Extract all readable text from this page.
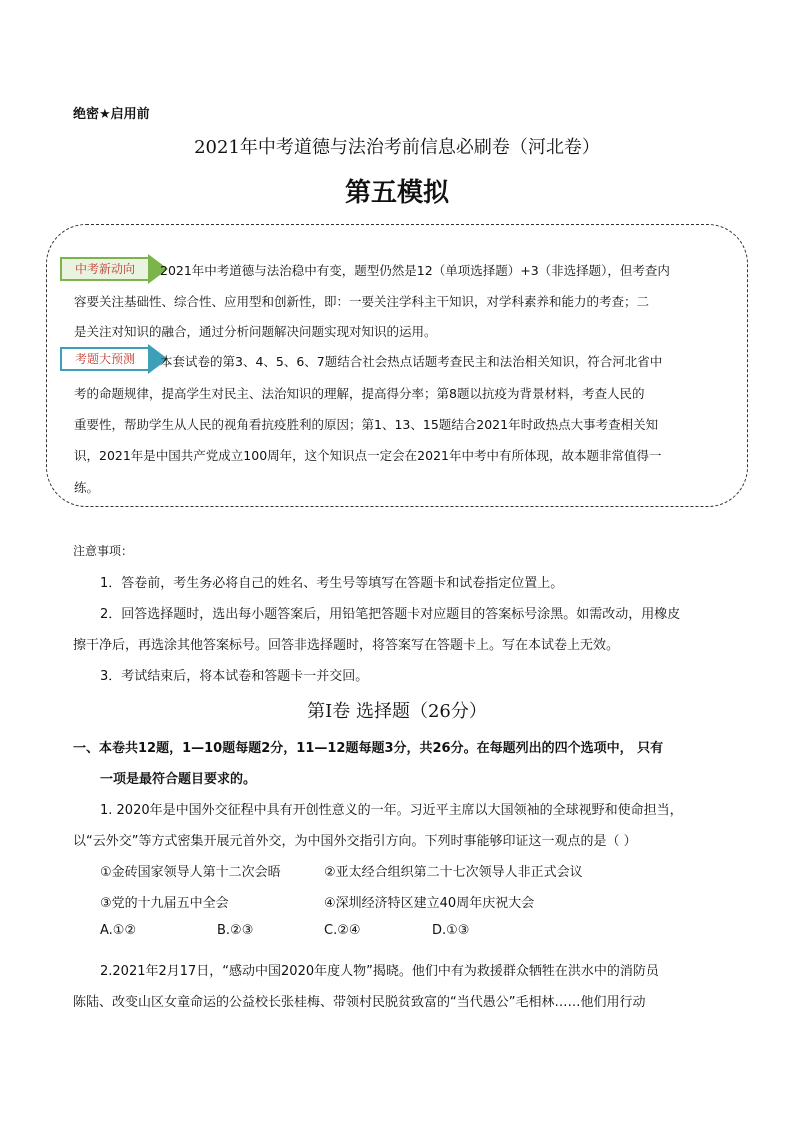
绝密★启用前
2021年中考道德与法治考前信息必刷卷（河北卷）
第五模拟
中考新动向
考题大预测
2021年中考道德与法治稳中有变，题型仍然是12（单项选择题）+3（非选择题），但考查内
容要关注基础性、综合性、应用型和创新性，即：一要关注学科主干知识，对学科素养和能力的考查；二
是关注对知识的融合，通过分析问题解决问题实现对知识的运用。
本套试卷的第3、4、5、6、7题结合社会热点话题考查民主和法治相关知识，符合河北省中
考的命题规律，提高学生对民主、法治知识的理解，提高得分率；第8题以抗疫为背景材料，考查人民的
重要性，帮助学生从人民的视角看抗疫胜利的原因；第1、13、15题结合2021年时政热点大事考查相关知
识，2021年是中国共产党成立100周年，这个知识点一定会在2021年中考中有所体现，故本题非常值得一
练。
注意事项：
1．答卷前，考生务必将自己的姓名、考生号等填写在答题卡和试卷指定位置上。
2．回答选择题时，选出每小题答案后，用铅笔把答题卡对应题目的答案标号涂黑。如需改动，用橡皮
擦干净后，再选涂其他答案标号。回答非选择题时，将答案写在答题卡上。写在本试卷上无效。
3．考试结束后，将本试卷和答题卡一并交回。
第Ⅰ卷 选择题（26分）
一、本卷共12题，1—10题每题2分，11—12题每题3分，共26分。在每题列出的四个选项中， 只有
一项是最符合题目要求的。
1. 2020年是中国外交征程中具有开创性意义的一年。习近平主席以大国领袖的全球视野和使命担当，
以“云外交”等方式密集开展元首外交，为中国外交指引方向。下列时事能够印证这一观点的是（ ）
①金砖国家领导人第十二次会晤	②亚太经合组织第二十七次领导人非正式会议
③党的十九届五中全会	④深圳经济特区建立40周年庆祝大会
A.①②	B.②③	C.②④	D.①③
2.2021年2月17日，“感动中国2020年度人物”揭晓。他们中有为救援群众牺牲在洪水中的消防员
陈陆、改变山区女童命运的公益校长张桂梅、带领村民脱贫致富的“当代愚公”毛相林……他们用行动
